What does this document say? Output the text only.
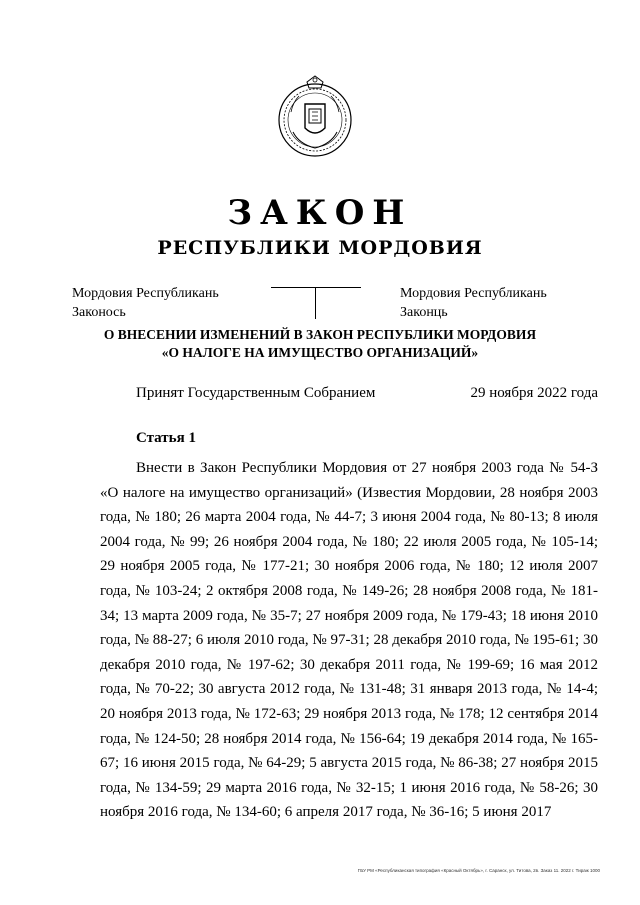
ЗАКОН
РЕСПУБЛИКИ МОРДОВИЯ
Мордовия Республикань
Законось
Мордовия Республикань
Законць
О ВНЕСЕНИИ ИЗМЕНЕНИЙ В ЗАКОН РЕСПУБЛИКИ МОРДОВИЯ
«О НАЛОГЕ НА ИМУЩЕСТВО ОРГАНИЗАЦИЙ»
Принят Государственным Собранием	29 ноября 2022 года
Статья 1

Внести в Закон Республики Мордовия от 27 ноября 2003 года № 54-З «О налоге на имущество организаций» (Известия Мордовии, 28 ноября 2003 года, № 180; 26 марта 2004 года, № 44-7; 3 июня 2004 года, № 80-13; 8 июля 2004 года, № 99; 26 ноября 2004 года, № 180; 22 июля 2005 года, № 105-14; 29 ноября 2005 года, № 177-21; 30 ноября 2006 года, № 180; 12 июля 2007 года, № 103-24; 2 октября 2008 года, № 149-26; 28 ноября 2008 года, № 181-34; 13 марта 2009 года, № 35-7; 27 ноября 2009 года, № 179-43; 18 июня 2010 года, № 88-27; 6 июля 2010 года, № 97-31; 28 декабря 2010 года, № 195-61; 30 декабря 2010 года, № 197-62; 30 декабря 2011 года, № 199-69; 16 мая 2012 года, № 70-22; 30 августа 2012 года, № 131-48; 31 января 2013 года, № 14-4; 20 ноября 2013 года, № 172-63; 29 ноября 2013 года, № 178; 12 сентября 2014 года, № 124-50; 28 ноября 2014 года, № 156-64; 19 декабря 2014 года, № 165-67; 16 июня 2015 года, № 64-29; 5 августа 2015 года, № 86-38; 27 ноября 2015 года, № 134-59; 29 марта 2016 года, № 32-15; 1 июня 2016 года, № 58-26; 30 ноября 2016 года, № 134-60; 6 апреля 2017 года, № 36-16; 5 июня 2017

ГБУ РМ «Республиканская типография «Красный Октябрь», г. Саранск, ул. Титова, 2в. Заказ 11. 2022 г. Тираж 1000
